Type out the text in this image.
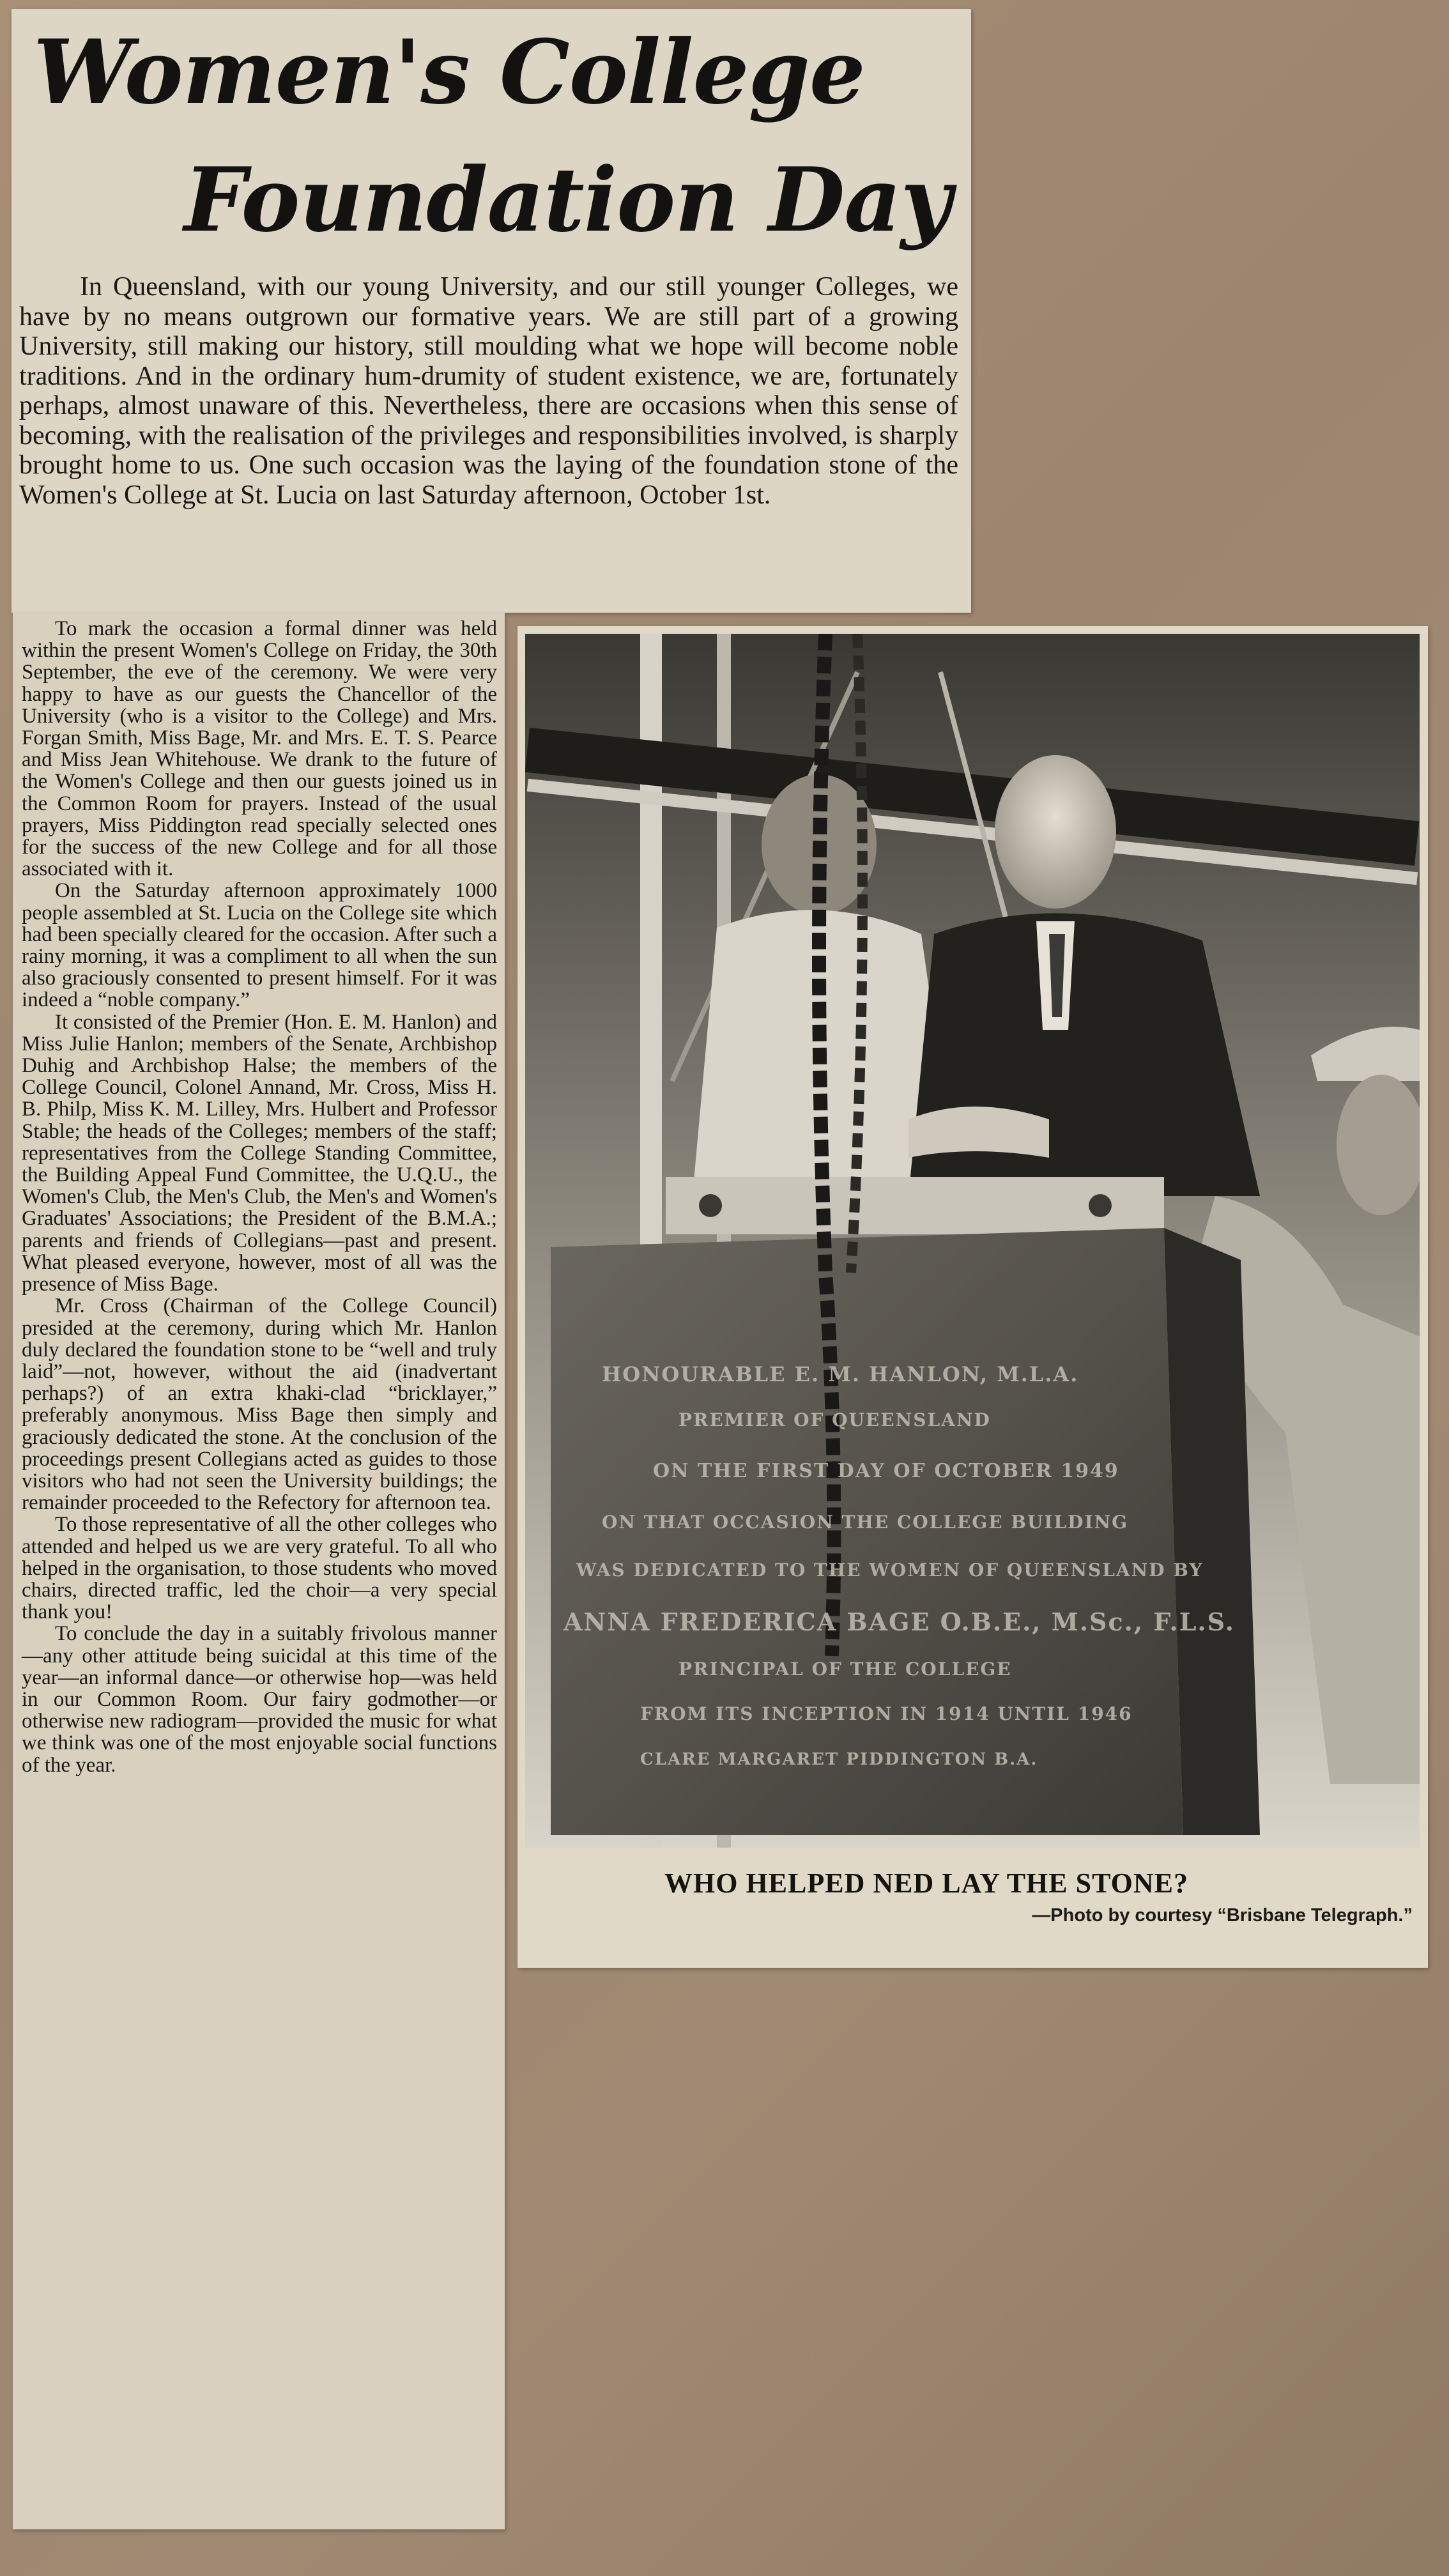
Women's College
Foundation Day

In Queensland, with our young University, and our still younger Colleges, we have by no means outgrown our formative years. We are still part of a growing University, still making our history, still moulding what we hope will become noble traditions. And in the ordinary hum-drumity of student existence, we are, fortunately perhaps, almost unaware of this. Nevertheless, there are occasions when this sense of becoming, with the realisation of the privileges and responsibilities involved, is sharply brought home to us. One such occasion was the laying of the foundation stone of the Women's College at St. Lucia on last Saturday afternoon, October 1st.

To mark the occasion a formal dinner was held within the present Women's College on Friday, the 30th September, the eve of the ceremony. We were very happy to have as our guests the Chancellor of the University (who is a visitor to the College) and Mrs. Forgan Smith, Miss Bage, Mr. and Mrs. E. T. S. Pearce and Miss Jean Whitehouse. We drank to the future of the Women's College and then our guests joined us in the Common Room for prayers. Instead of the usual prayers, Miss Piddington read specially selected ones for the success of the new College and for all those associated with it.

On the Saturday afternoon approximately 1000 people assembled at St. Lucia on the College site which had been specially cleared for the occasion. After such a rainy morning, it was a compliment to all when the sun also graciously consented to present himself. For it was indeed a “noble company.”

It consisted of the Premier (Hon. E. M. Hanlon) and Miss Julie Hanlon; members of the Senate, Archbishop Duhig and Archbishop Halse; the members of the College Council, Colonel Annand, Mr. Cross, Miss H. B. Philp, Miss K. M. Lilley, Mrs. Hulbert and Professor Stable; the heads of the Colleges; members of the staff; representatives from the College Standing Committee, the Building Appeal Fund Committee, the U.Q.U., the Women's Club, the Men's Club, the Men's and Women's Graduates' Associations; the President of the B.M.A.; parents and friends of Collegians—past and present. What pleased everyone, however, most of all was the presence of Miss Bage.

Mr. Cross (Chairman of the College Council) presided at the ceremony, during which Mr. Hanlon duly declared the foundation stone to be “well and truly laid”—not, however, without the aid (inadvertant perhaps?) of an extra khaki-clad “bricklayer,” preferably anonymous. Miss Bage then simply and graciously dedicated the stone. At the conclusion of the proceedings present Collegians acted as guides to those visitors who had not seen the University buildings; the remainder proceeded to the Refectory for afternoon tea.

To those representative of all the other colleges who attended and helped us we are very grateful. To all who helped in the organisation, to those students who moved chairs, directed traffic, led the choir—a very special thank you!

To conclude the day in a suitably frivolous manner—any other attitude being suicidal at this time of the year—an informal dance—or otherwise hop—was held in our Common Room. Our fairy godmother—or otherwise new radiogram—provided the music for what we think was one of the most enjoyable social functions of the year.

HONOURABLE E. M. HANLON, M.L.A.
PREMIER OF QUEENSLAND
ON THE FIRST DAY OF OCTOBER 1949
ON THAT OCCASION THE COLLEGE BUILDING
WAS DEDICATED TO THE WOMEN OF QUEENSLAND BY
ANNA FREDERICA BAGE O.B.E., M.Sc., F.L.S.
PRINCIPAL OF THE COLLEGE
FROM ITS INCEPTION IN 1914 UNTIL 1946
CLARE MARGARET PIDDINGTON B.A.

WHO HELPED NED LAY THE STONE?

—Photo by courtesy “Brisbane Telegraph.”
